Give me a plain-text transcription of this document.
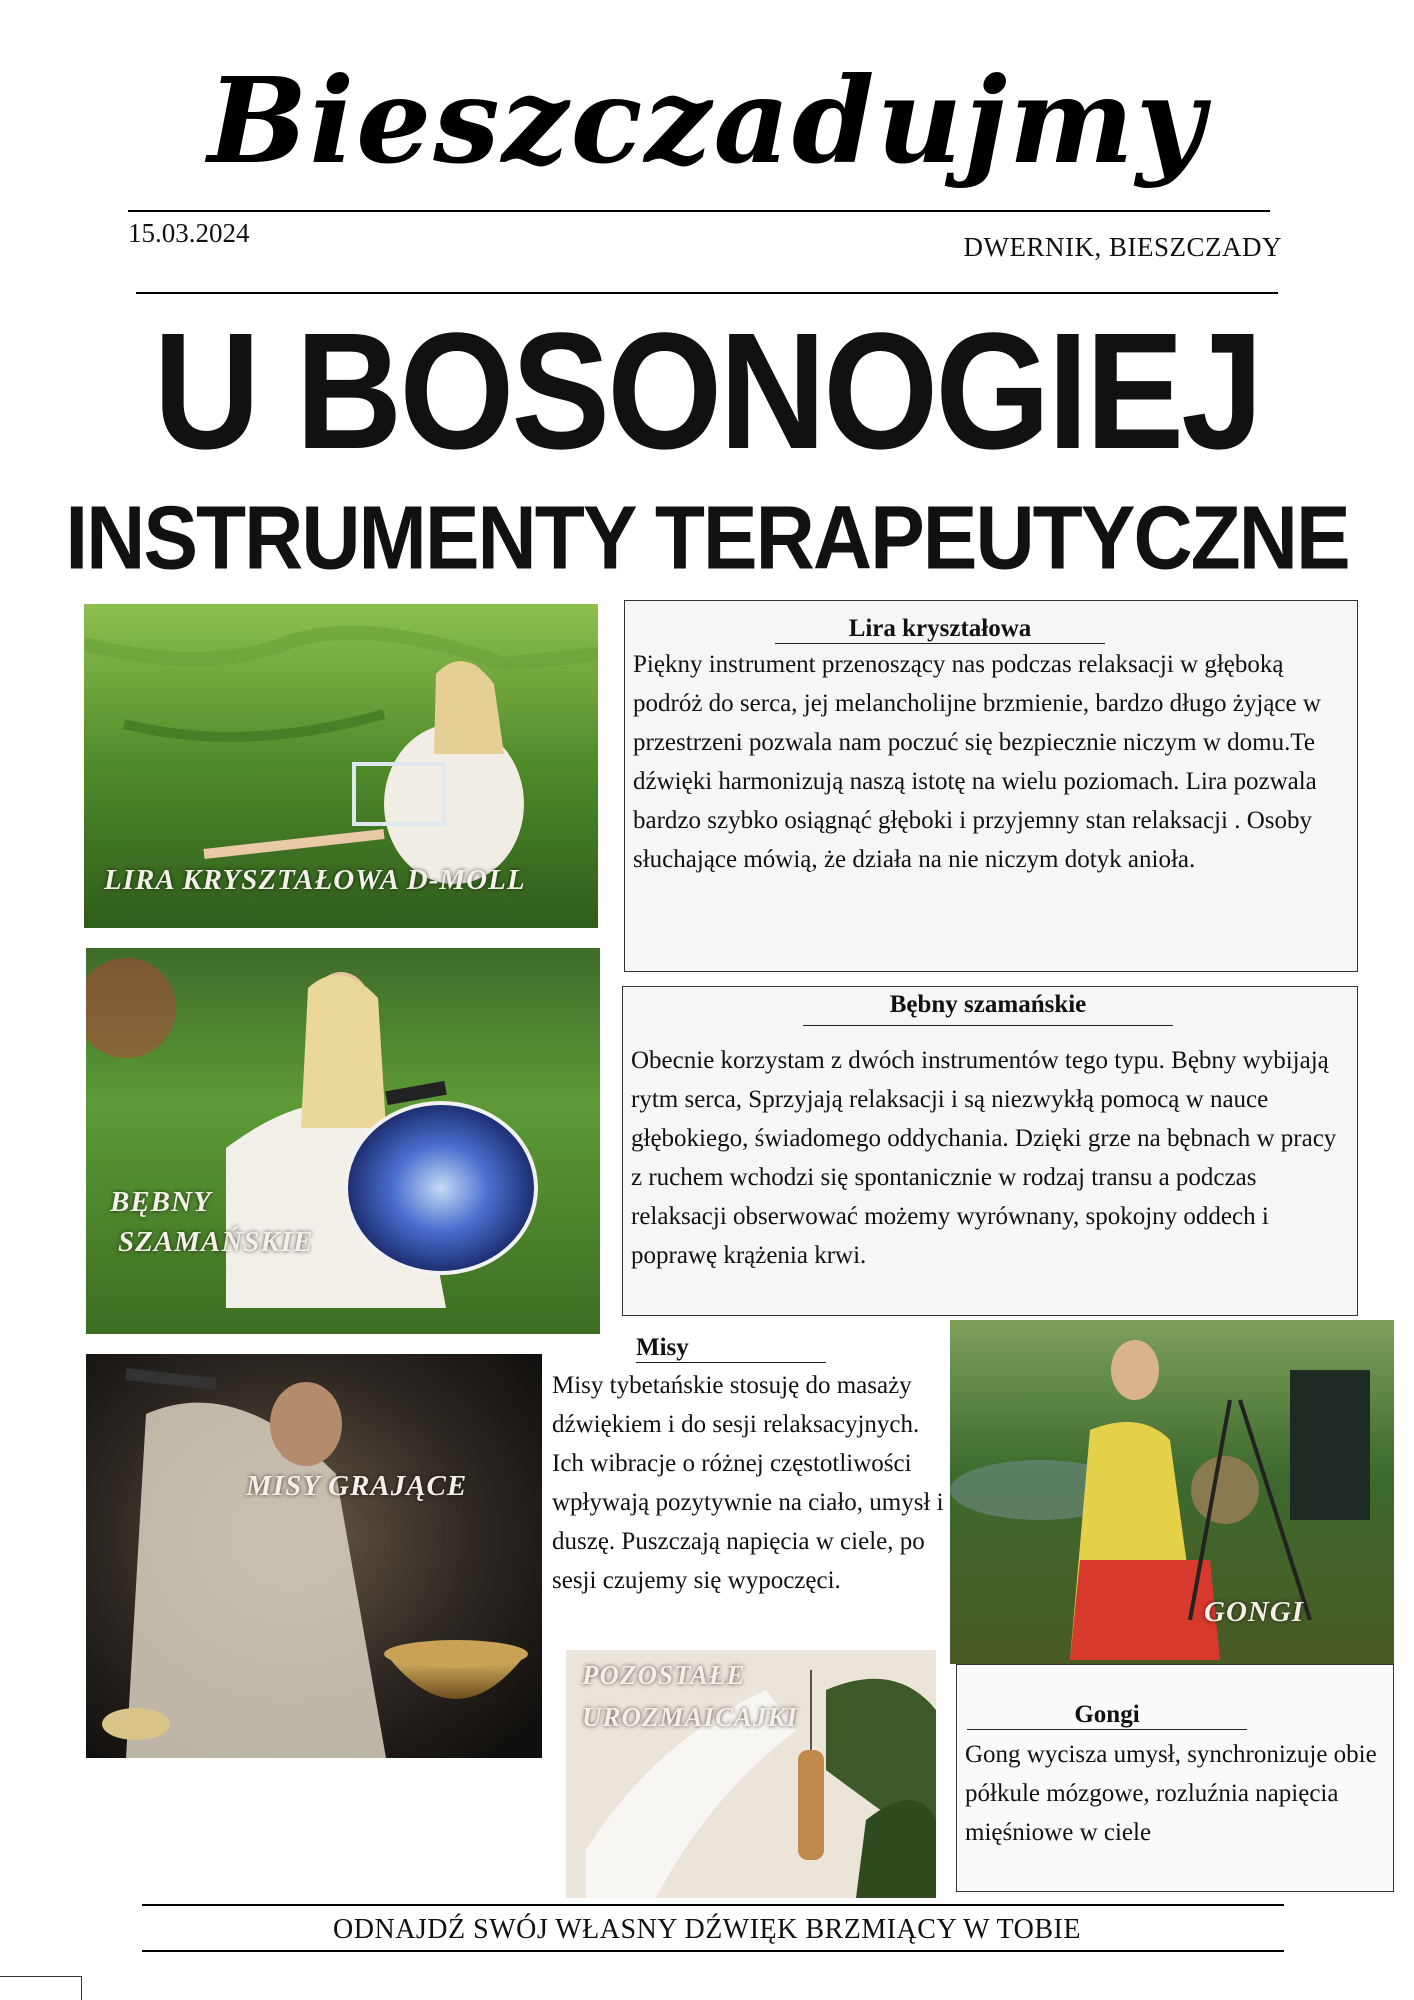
Bieszczadujmy
15.03.2024	DWERNIK, BIESZCZADY
U BOSONOGIEJ
INSTRUMENTY TERAPEUTYCZNE
LIRA KRYSZTAŁOWA D-MOLL
Lira kryształowa
Piękny instrument przenoszący nas podczas relaksacji w głęboką podróż do serca, jej melancholijne brzmienie, bardzo długo żyjące w przestrzeni pozwala nam poczuć się bezpiecznie niczym w domu.Te dźwięki harmonizują naszą istotę na wielu poziomach. Lira pozwala bardzo szybko osiągnąć głęboki i przyjemny stan relaksacji . Osoby słuchające mówią, że działa na nie niczym dotyk anioła.
BĘBNY
SZAMAŃSKIE
Bębny szamańskie
Obecnie korzystam z dwóch instrumentów tego typu. Bębny wybijają rytm serca, Sprzyjają relaksacji i są niezwykłą pomocą w nauce głębokiego, świadomego oddychania. Dzięki grze na bębnach w pracy z ruchem wchodzi się spontanicznie w rodzaj transu a podczas relaksacji obserwować możemy wyrównany, spokojny oddech i poprawę krążenia krwi.
MISY GRAJĄCE
Misy
Misy tybetańskie stosuję do masaży dźwiękiem i do sesji relaksacyjnych. Ich wibracje o różnej częstotliwości wpływają pozytywnie na ciało, umysł i duszę. Puszczają napięcia w ciele, po sesji czujemy się wypoczęci.
POZOSTAŁE
UROZMAICAJKI
GONGI
Gongi
Gong wycisza umysł, synchronizuje obie półkule mózgowe, rozluźnia napięcia mięśniowe w ciele
ODNAJDŹ SWÓJ WŁASNY DŹWIĘK BRZMIĄCY W TOBIE
